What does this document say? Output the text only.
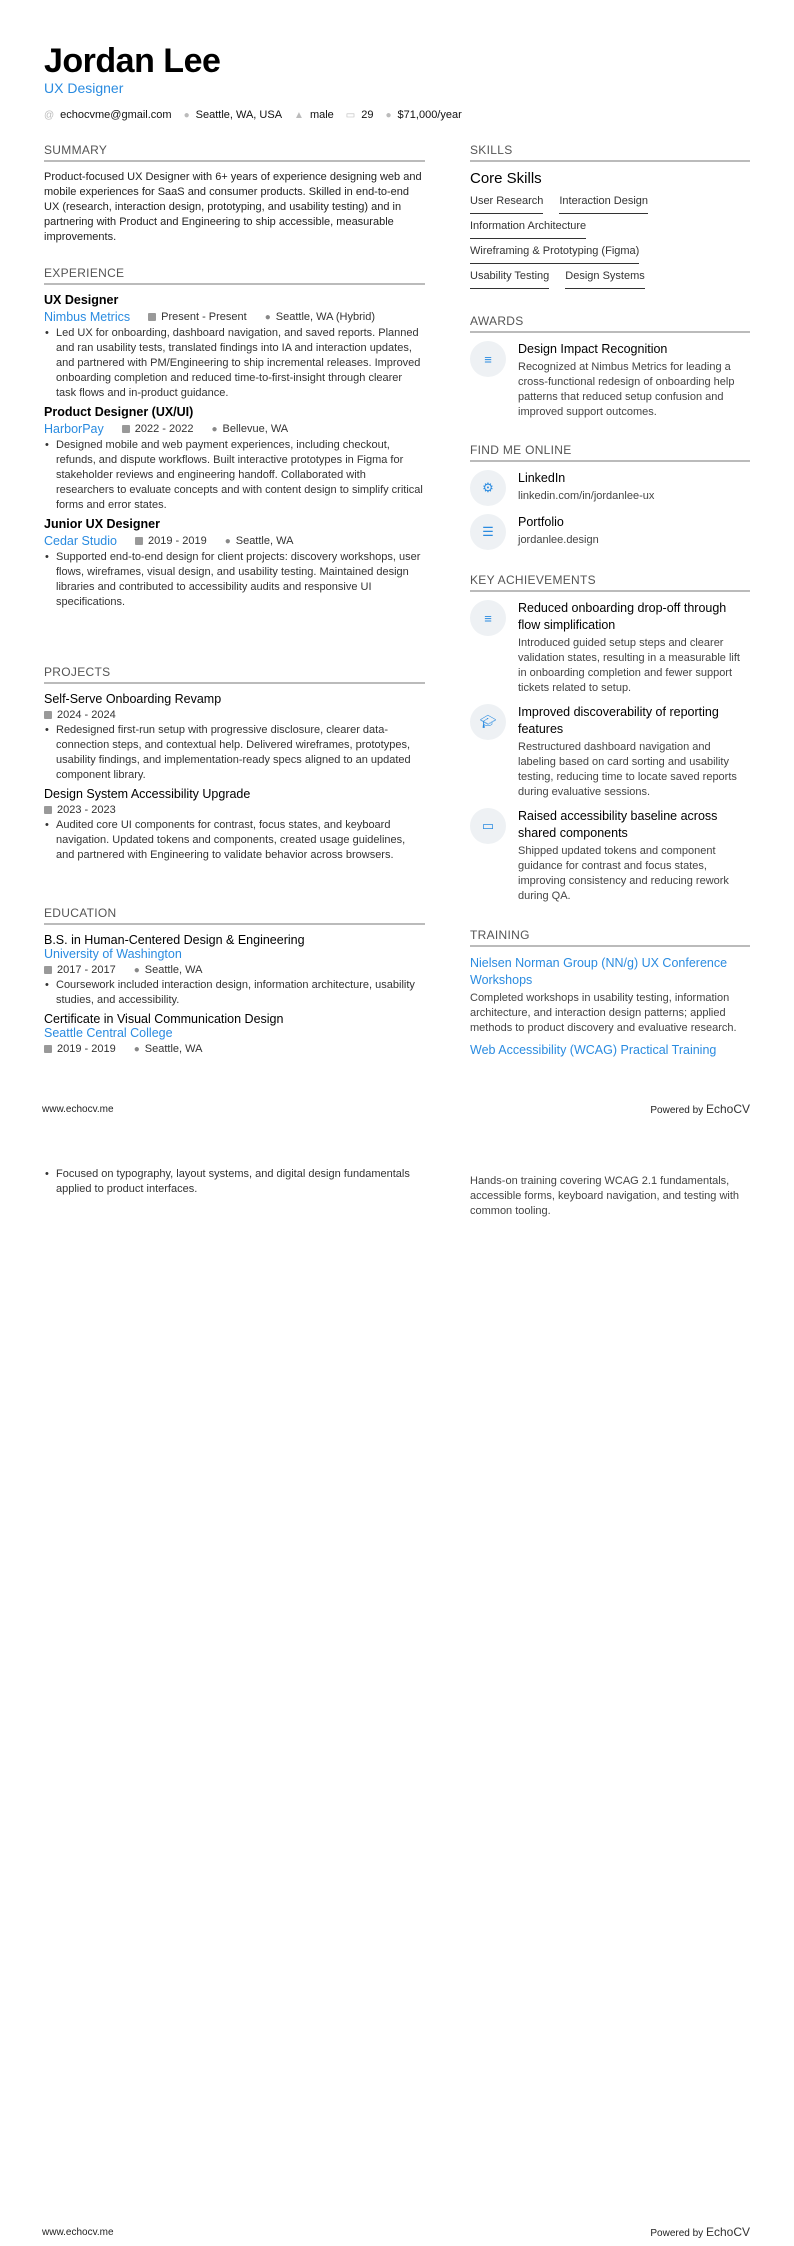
Jordan Lee
UX Designer
@ echocvme@gmail.com ● Seattle, WA, USA ▲ male ▭ 29 ● $71,000/year
SUMMARY
Product-focused UX Designer with 6+ years of experience designing web and mobile experiences for SaaS and consumer products. Skilled in end-to-end UX (research, interaction design, prototyping, and usability testing) and in partnering with Product and Engineering to ship accessible, measurable improvements.
EXPERIENCE
UX Designer
Nimbus Metrics	Present - Present ● Seattle, WA (Hybrid)
• Led UX for onboarding, dashboard navigation, and saved reports. Planned and ran usability tests, translated findings into IA and interaction updates, and partnered with PM/Engineering to ship incremental releases. Improved onboarding completion and reduced time-to-first-insight through clearer task flows and in-product guidance.
Product Designer (UX/UI)
HarborPay	2022 - 2022 ● Bellevue, WA
• Designed mobile and web payment experiences, including checkout, refunds, and dispute workflows. Built interactive prototypes in Figma for stakeholder reviews and engineering handoff. Collaborated with researchers to evaluate concepts and with content design to simplify critical forms and error states.
Junior UX Designer
Cedar Studio	2019 - 2019 ● Seattle, WA
• Supported end-to-end design for client projects: discovery workshops, user flows, wireframes, visual design, and usability testing. Maintained design libraries and contributed to accessibility audits and responsive UI specifications.
PROJECTS
Self-Serve Onboarding Revamp
2024 - 2024
• Redesigned first-run setup with progressive disclosure, clearer data-connection steps, and contextual help. Delivered wireframes, prototypes, usability findings, and implementation-ready specs aligned to an updated component library.
Design System Accessibility Upgrade
2023 - 2023
• Audited core UI components for contrast, focus states, and keyboard navigation. Updated tokens and components, created usage guidelines, and partnered with Engineering to validate behavior across browsers.
EDUCATION
B.S. in Human-Centered Design & Engineering
University of Washington
2017 - 2017 ● Seattle, WA
• Coursework included interaction design, information architecture, usability studies, and accessibility.
Certificate in Visual Communication Design
Seattle Central College
2019 - 2019 ● Seattle, WA
• Focused on typography, layout systems, and digital design fundamentals applied to product interfaces.
SKILLS
Core Skills
User Research Interaction Design
Information Architecture
Wireframing & Prototyping (Figma)
Usability Testing Design Systems
AWARDS
≡
Design Impact Recognition
Recognized at Nimbus Metrics for leading a cross-functional redesign of onboarding help patterns that reduced setup confusion and improved support outcomes.
FIND ME ONLINE
⚙
LinkedIn
linkedin.com/in/jordanlee-ux
☰
Portfolio
jordanlee.design
KEY ACHIEVEMENTS
≡
Reduced onboarding drop-off through flow simplification
Introduced guided setup steps and clearer validation states, resulting in a measurable lift in onboarding completion and fewer support tickets related to setup.
🎓︎
Improved discoverability of reporting features
Restructured dashboard navigation and labeling based on card sorting and usability testing, reducing time to locate saved reports during evaluative sessions.
▭
Raised accessibility baseline across shared components
Shipped updated tokens and component guidance for contrast and focus states, improving consistency and reducing rework during QA.
TRAINING
Nielsen Norman Group (NN/g) UX Conference Workshops
Completed workshops in usability testing, information architecture, and interaction design patterns; applied methods to product discovery and evaluative research.
Web Accessibility (WCAG) Practical Training
Hands-on training covering WCAG 2.1 fundamentals, accessible forms, keyboard navigation, and testing with common tooling.
www.echocv.me	Powered by EchoCV
www.echocv.me	Powered by EchoCV
